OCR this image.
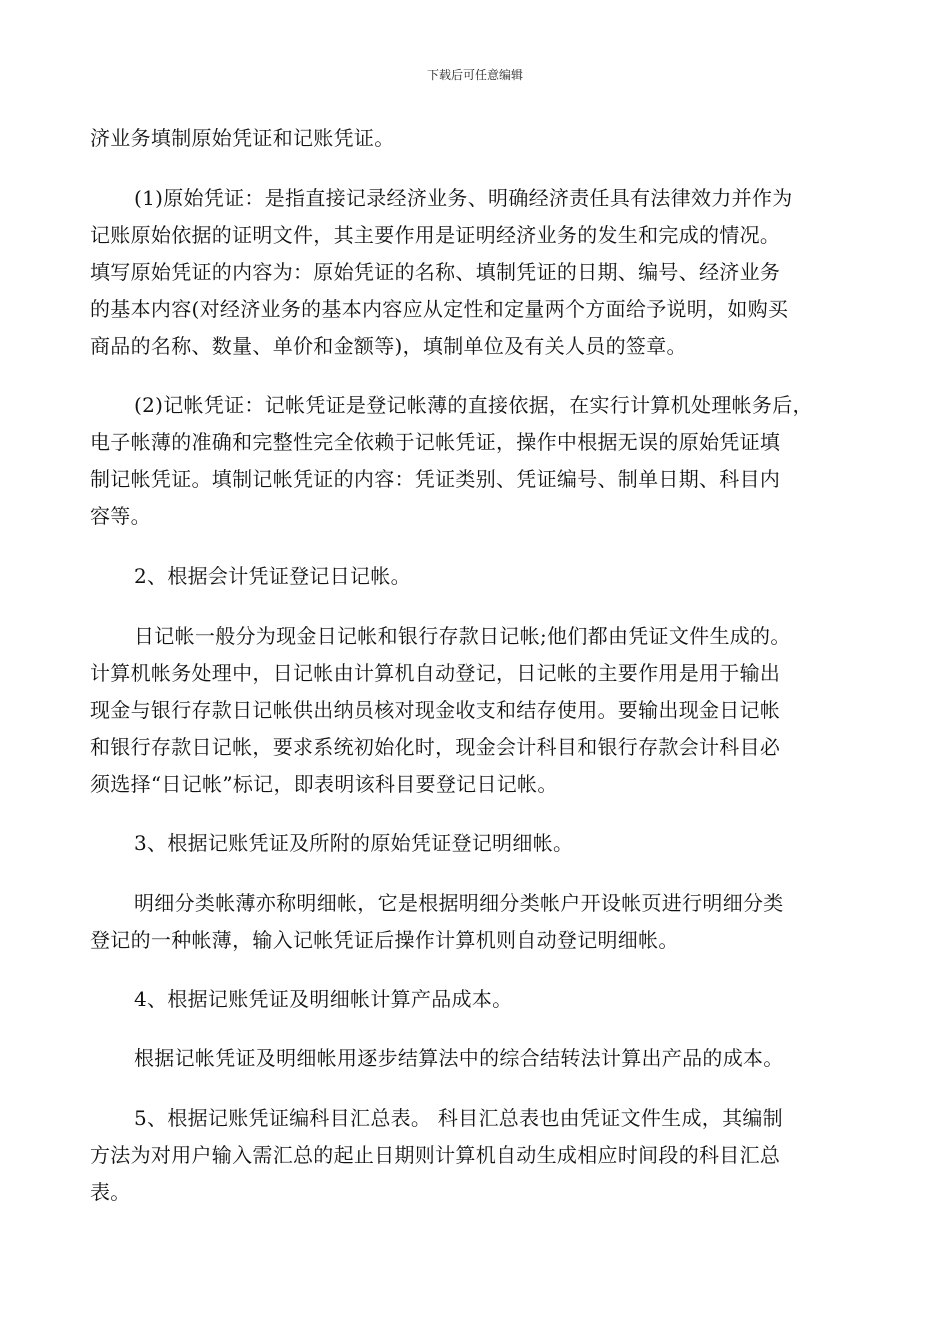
下载后可任意编辑
济业务填制原始凭证和记账凭证。
(1)原始凭证：是指直接记录经济业务、明确经济责任具有法律效力并作为
记账原始依据的证明文件，其主要作用是证明经济业务的发生和完成的情况。
填写原始凭证的内容为：原始凭证的名称、填制凭证的日期、编号、经济业务
的基本内容(对经济业务的基本内容应从定性和定量两个方面给予说明，如购买
商品的名称、数量、单价和金额等)，填制单位及有关人员的签章。
(2)记帐凭证：记帐凭证是登记帐薄的直接依据，在实行计算机处理帐务后，
电子帐薄的准确和完整性完全依赖于记帐凭证，操作中根据无误的原始凭证填
制记帐凭证。填制记帐凭证的内容：凭证类别、凭证编号、制单日期、科目内
容等。
2、根据会计凭证登记日记帐。
日记帐一般分为现金日记帐和银行存款日记帐;他们都由凭证文件生成的。
计算机帐务处理中，日记帐由计算机自动登记，日记帐的主要作用是用于输出
现金与银行存款日记帐供出纳员核对现金收支和结存使用。要输出现金日记帐
和银行存款日记帐，要求系统初始化时，现金会计科目和银行存款会计科目必
须选择“日记帐”标记，即表明该科目要登记日记帐。
3、根据记账凭证及所附的原始凭证登记明细帐。
明细分类帐薄亦称明细帐，它是根据明细分类帐户开设帐页进行明细分类
登记的一种帐薄，输入记帐凭证后操作计算机则自动登记明细帐。
4、根据记账凭证及明细帐计算产品成本。
根据记帐凭证及明细帐用逐步结算法中的综合结转法计算出产品的成本。
5、根据记账凭证编科目汇总表。 科目汇总表也由凭证文件生成，其编制
方法为对用户输入需汇总的起止日期则计算机自动生成相应时间段的科目汇总
表。
